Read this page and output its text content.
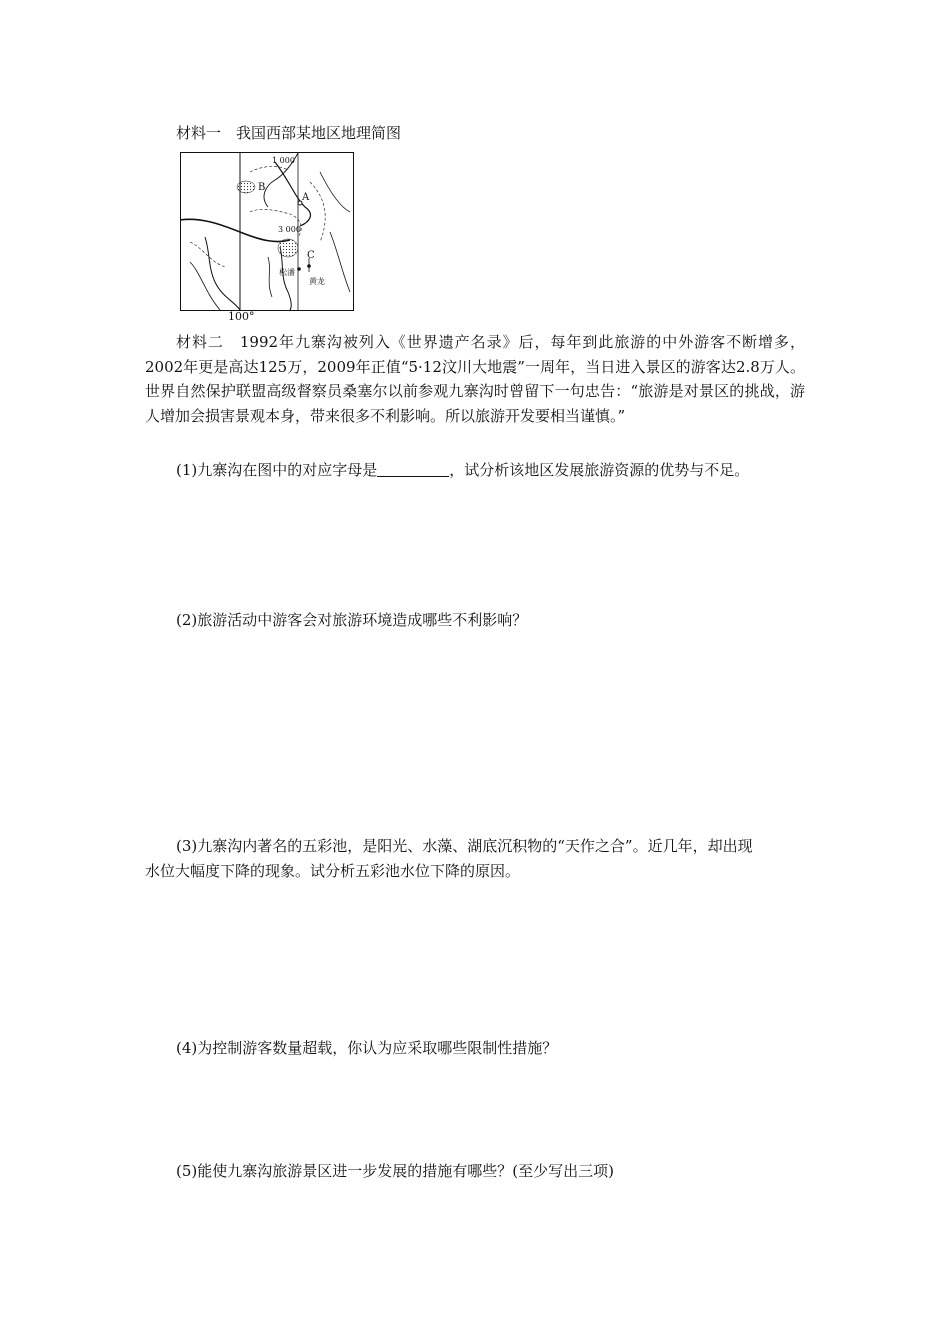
材料一　我国西部某地区地理简图
1 000
3 000
B
A
C
松潘
黄龙
100°
材料二　1992年九寨沟被列入《世界遗产名录》后，每年到此旅游的中外游客不断增多，2002年更是高达125万，2009年正值“5·12汶川大地震”一周年，当日进入景区的游客达2.8万人。世界自然保护联盟高级督察员桑塞尔以前参观九寨沟时曾留下一句忠告：“旅游是对景区的挑战，游人增加会损害景观本身，带来很多不利影响。所以旅游开发要相当谨慎。”
(1)九寨沟在图中的对应字母是	，试分析该地区发展旅游资源的优势与不足。
(2)旅游活动中游客会对旅游环境造成哪些不利影响？
(3)九寨沟内著名的五彩池，是阳光、水藻、湖底沉积物的“天作之合”。近几年，却出现
水位大幅度下降的现象。试分析五彩池水位下降的原因。
(4)为控制游客数量超载，你认为应采取哪些限制性措施？
(5)能使九寨沟旅游景区进一步发展的措施有哪些？(至少写出三项)
